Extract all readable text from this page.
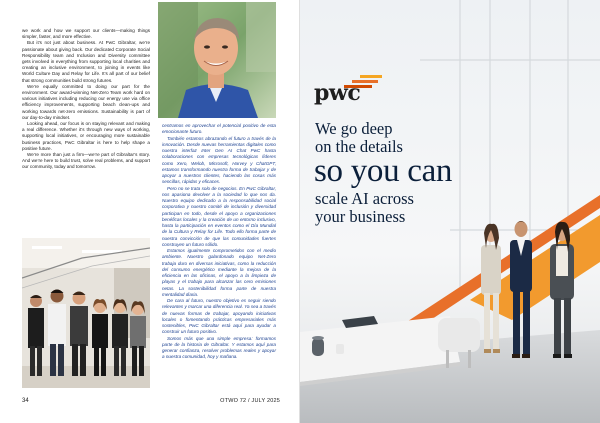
we work and how we support our clients—making things simpler, faster, and more effective.

But it’s not just about business. At PwC Gibraltar, we’re passionate about giving back. Our dedicated Corporate Social Responsibility team and Inclusion and Diversity committee gets involved in everything from supporting local charities and creating an inclusive environment, to joining in events like World Culture Day and Relay for Life. It’s all part of our belief that strong communities build strong futures.

We’re equally committed to doing our part for the environment. Our award-winning Net-Zero Team work hard on various initiatives including reducing our energy use via office efficiency improvements, supporting beach clean-ups and working towards net-zero emissions. Sustainability is part of our day-to-day mindset.

Looking ahead, our focus is on staying relevant and making a real difference. Whether it’s through new ways of working, supporting local initiatives, or encouraging more sustainable business practices, PwC Gibraltar is here to help shape a positive future.

We’re more than just a firm—we’re part of Gibraltar’s story. And we’re here to build trust, solve real problems, and support our community, today and tomorrow.

centramos en aprovechar el potencial positivo de esta emocionante futuro.

También estamos abrazando el futuro a través de la innovación. Desde nuevas herramientas digitales como nuestra interfaz Inter Gen AI Chat PwC hasta colaboraciones con empresas tecnológicas líderes como Xero, Welob, Microsoft, Harvey y ChatGPT, estamos transformando nuestra forma de trabajar y de apoyar a nuestros clientes, haciendo las cosas más sencillas, rápidas y eficaces.

Pero no se trata solo de negocios. En PwC Gibraltar, nos apasiona devolver a la sociedad lo que nos da. Nuestro equipo dedicado a la responsabilidad social corporativa y nuestro comité de inclusión y diversidad participan en todo, desde el apoyo a organizaciones benéficas locales y la creación de un entorno inclusivo, hasta la participación en eventos como el Día Mundial de la Cultura y Relay for Life. Todo ello forma parte de nuestra convicción de que las comunidades fuertes construyen un futuro sólido.

Estamos igualmente comprometidos con el medio ambiente. Nuestro galardonado equipo Net-Zero trabaja duro en diversas iniciativas, como la reducción del consumo energético mediante la mejora de la eficiencia en las oficinas, el apoyo a la limpieza de playas y el trabajo para alcanzar las cero emisiones netas. La sostenibilidad forma parte de nuestra mentalidad diaria.

De cara al futuro, nuestro objetivo es seguir siendo relevantes y marcar una diferencia real. Ya sea a través de nuevas formas de trabajar, apoyando iniciativas locales o fomentando prácticas empresariales más sostenibles, PwC Gibraltar está aquí para ayudar a construir un futuro positivo.

Somos más que una simple empresa: formamos parte de la historia de Gibraltar. Y estamos aquí para generar confianza, resolver problemas reales y apoyar a nuestra comunidad, hoy y mañana.

34	OTWO 72 / JULY 2025
pwc
We go deep
on the details
so you can
scale AI across
your business
